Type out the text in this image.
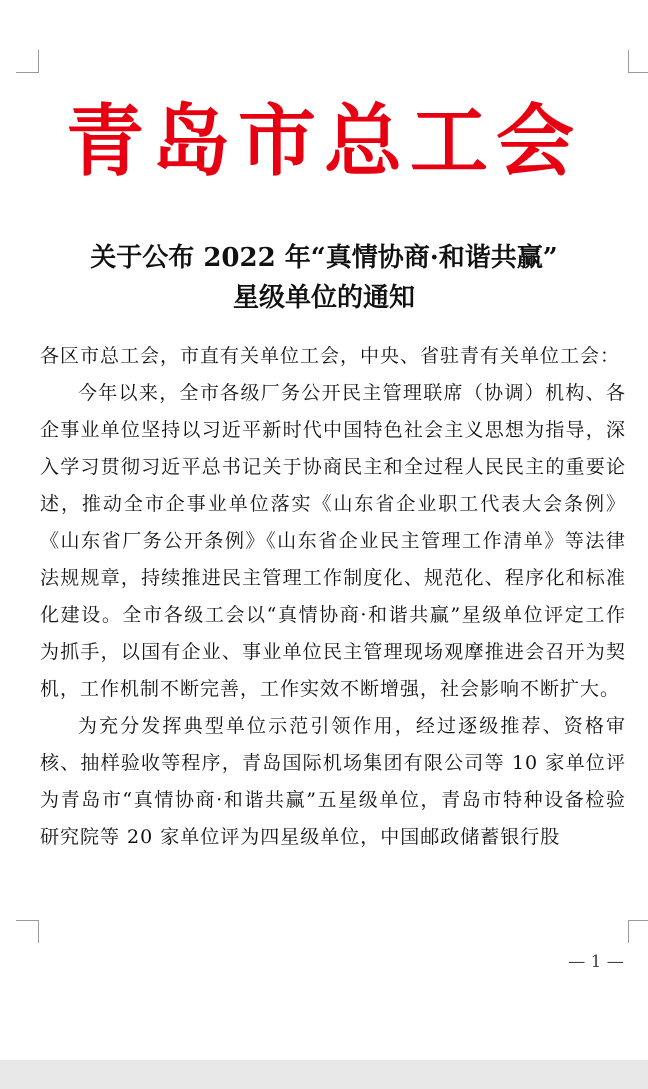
青岛市总工会
关于公布 2022 年“真情协商·和谐共赢”
星级单位的通知

各区市总工会，市直有关单位工会，中央、省驻青有关单位工会：

今年以来，全市各级厂务公开民主管理联席（协调）机构、各企事业单位坚持以习近平新时代中国特色社会主义思想为指导，深入学习贯彻习近平总书记关于协商民主和全过程人民民主的重要论述，推动全市企事业单位落实《山东省企业职工代表大会条例》《山东省厂务公开条例》《山东省企业民主管理工作清单》等法律法规规章，持续推进民主管理工作制度化、规范化、程序化和标准化建设。全市各级工会以“真情协商·和谐共赢”星级单位评定工作为抓手，以国有企业、事业单位民主管理现场观摩推进会召开为契机，工作机制不断完善，工作实效不断增强，社会影响不断扩大。

为充分发挥典型单位示范引领作用，经过逐级推荐、资格审核、抽样验收等程序，青岛国际机场集团有限公司等 10 家单位评为青岛市“真情协商·和谐共赢”五星级单位，青岛市特种设备检验研究院等 20 家单位评为四星级单位，中国邮政储蓄银行股

— 1 —
